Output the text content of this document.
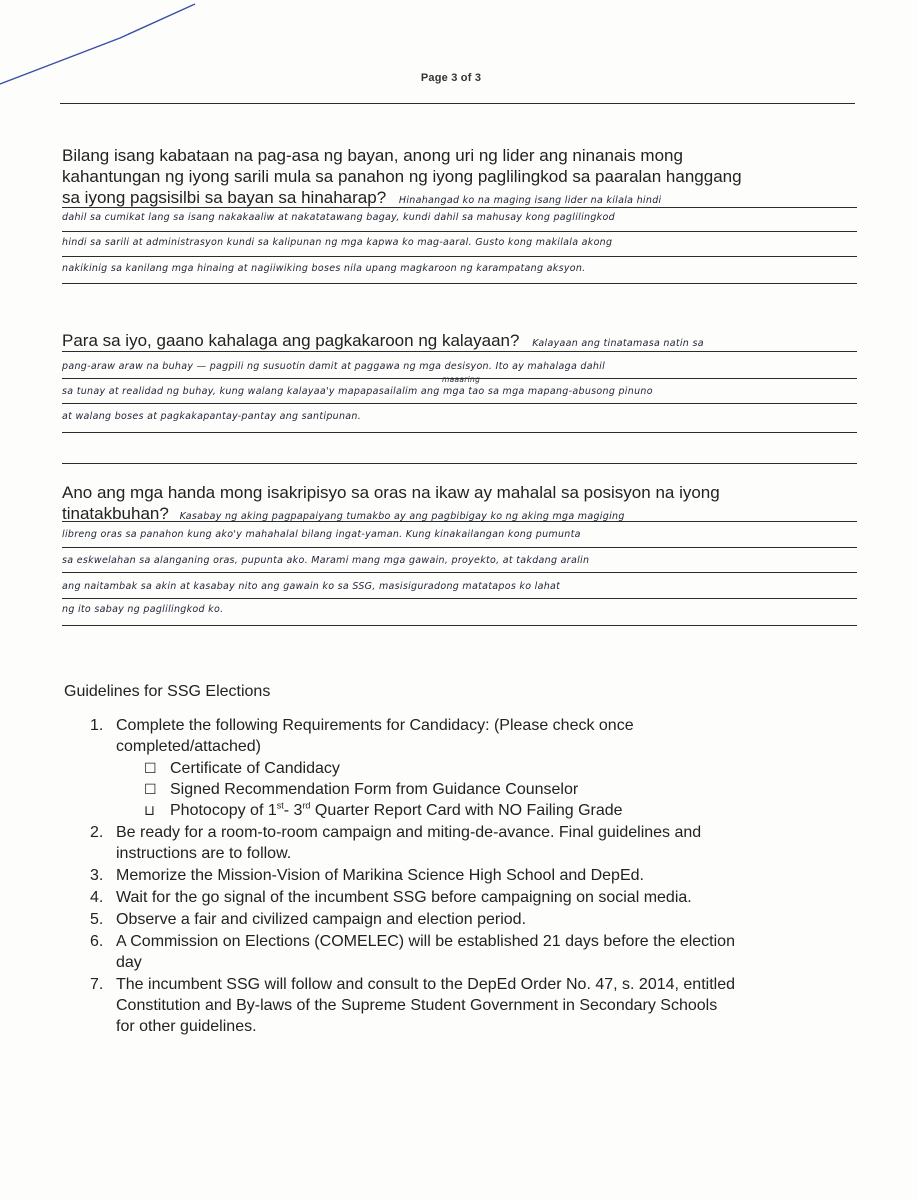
Page 3 of 3
Bilang isang kabataan na pag-asa ng bayan, anong uri ng lider ang ninanais mong
kahantungan ng iyong sarili mula sa panahon ng iyong paglilingkod sa paaralan hanggang
sa iyong pagsisilbi sa bayan sa hinaharap? Hinahangad ko na maging isang lider na kilala hindi
dahil sa cumikat lang sa isang nakakaaliw at nakatatawang bagay, kundi dahil sa mahusay kong paglilingkod
hindi sa sarili at administrasyon kundi sa kalipunan ng mga kapwa ko mag-aaral. Gusto kong makilala akong
nakikinig sa kanilang mga hinaing at nagiiwiking boses nila upang magkaroon ng karampatang aksyon.
Para sa iyo, gaano kahalaga ang pagkakaroon ng kalayaan? Kalayaan ang tinatamasa natin sa
pang-araw araw na buhay — pagpili ng susuotin damit at paggawa ng mga desisyon. Ito ay mahalaga dahil
maaaring
sa tunay at realidad ng buhay, kung walang kalayaa'y mapapasailalim ang mga tao sa mga mapang-abusong pinuno
at walang boses at pagkakapantay-pantay ang santipunan.
Ano ang mga handa mong isakripisyo sa oras na ikaw ay mahalal sa posisyon na iyong
tinatakbuhan? Kasabay ng aking pagpapaiyang tumakbo ay ang pagbibigay ko ng aking mga magiging
libreng oras sa panahon kung ako'y mahahalal bilang ingat-yaman. Kung kinakailangan kong pumunta
sa eskwelahan sa alanganing oras, pupunta ako. Marami mang mga gawain, proyekto, at takdang aralin
ang naitambak sa akin at kasabay nito ang gawain ko sa SSG, masisiguradong matatapos ko lahat
ng ito sabay ng paglilingkod ko.
Guidelines for SSG Elections
1. Complete the following Requirements for Candidacy: (Please check once
completed/attached)
☐ Certificate of Candidacy
☐ Signed Recommendation Form from Guidance Counselor
⊔ Photocopy of 1st- 3rd Quarter Report Card with NO Failing Grade
2. Be ready for a room-to-room campaign and miting-de-avance. Final guidelines and
instructions are to follow.
3. Memorize the Mission-Vision of Marikina Science High School and DepEd.
4. Wait for the go signal of the incumbent SSG before campaigning on social media.
5. Observe a fair and civilized campaign and election period.
6. A Commission on Elections (COMELEC) will be established 21 days before the election
day
7. The incumbent SSG will follow and consult to the DepEd Order No. 47, s. 2014, entitled
Constitution and By-laws of the Supreme Student Government in Secondary Schools
for other guidelines.
